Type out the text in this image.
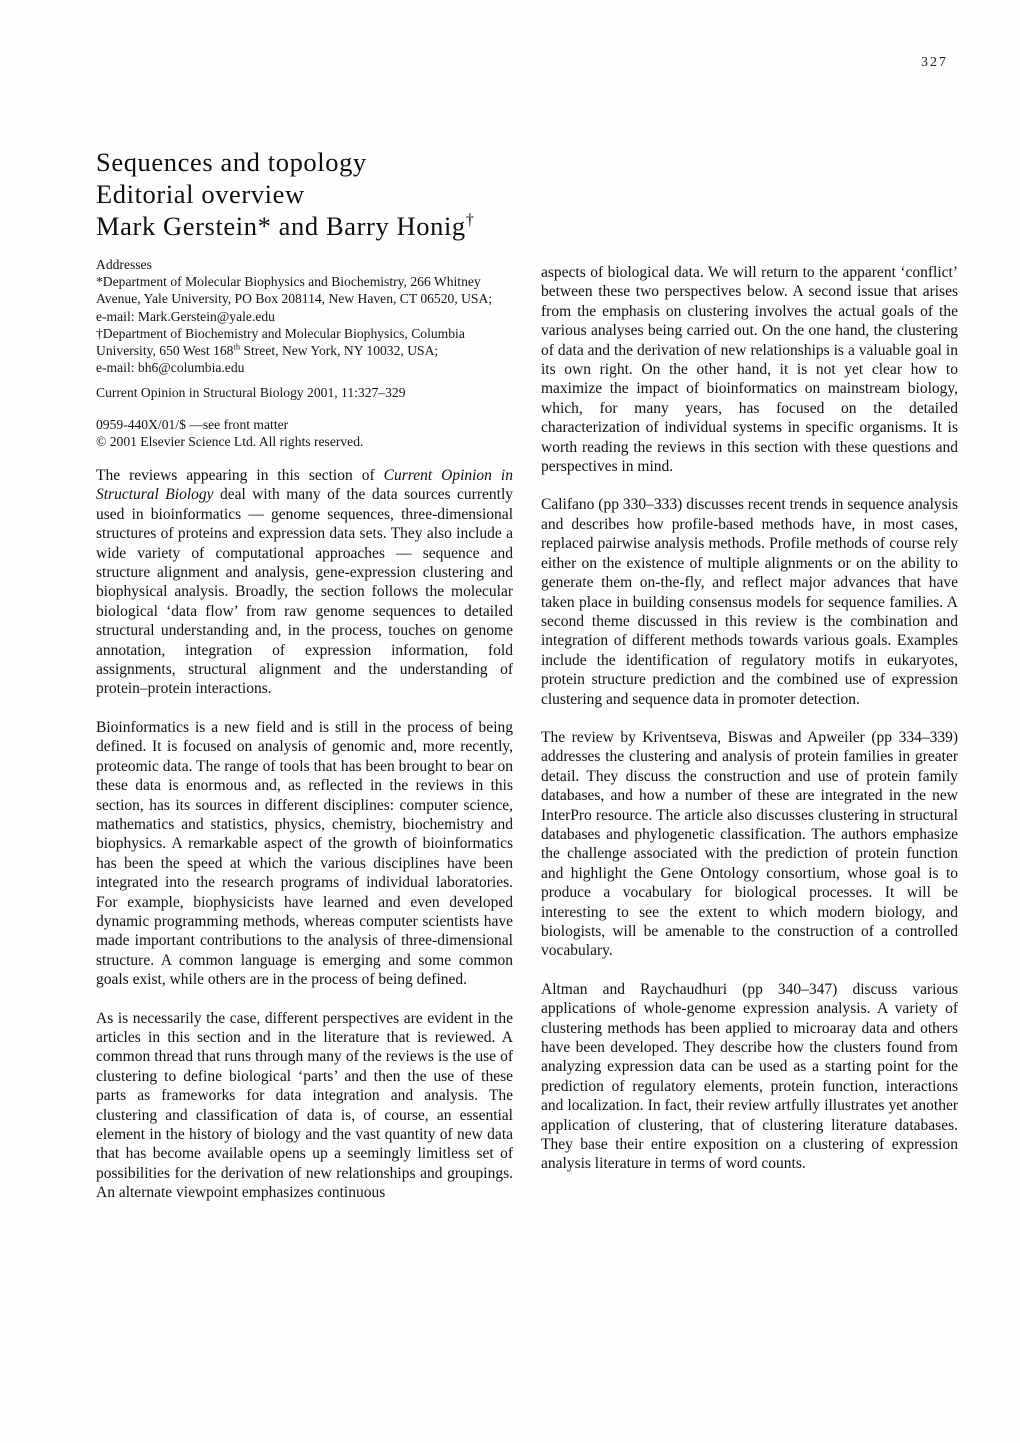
327
Sequences and topology
Editorial overview
Mark Gerstein* and Barry Honig†
Addresses
*Department of Molecular Biophysics and Biochemistry, 266 Whitney
Avenue, Yale University, PO Box 208114, New Haven, CT 06520, USA;
e-mail: Mark.Gerstein@yale.edu
†Department of Biochemistry and Molecular Biophysics, Columbia
University, 650 West 168th Street, New York, NY 10032, USA;
e-mail: bh6@columbia.edu
Current Opinion in Structural Biology 2001, 11:327–329
0959-440X/01/$ —see front matter
© 2001 Elsevier Science Ltd. All rights reserved.

The reviews appearing in this section of Current Opinion in Structural Biology deal with many of the data sources currently used in bioinformatics — genome sequences, three-dimensional structures of proteins and expression data sets. They also include a wide variety of computational approaches — sequence and structure alignment and analysis, gene-expression clustering and biophysical analysis. Broadly, the section follows the molecular biological ‘data flow’ from raw genome sequences to detailed structural understanding and, in the process, touches on genome annotation, integration of expression information, fold assignments, structural alignment and the understanding of protein–protein interactions.

Bioinformatics is a new field and is still in the process of being defined. It is focused on analysis of genomic and, more recently, proteomic data. The range of tools that has been brought to bear on these data is enormous and, as reflected in the reviews in this section, has its sources in different disciplines: computer science, mathematics and statistics, physics, chemistry, biochemistry and biophysics. A remarkable aspect of the growth of bioinformatics has been the speed at which the various disciplines have been integrated into the research programs of individual laboratories. For example, biophysicists have learned and even developed dynamic programming methods, whereas computer scientists have made important contributions to the analysis of three-dimensional structure. A common language is emerging and some common goals exist, while others are in the process of being defined.

As is necessarily the case, different perspectives are evident in the articles in this section and in the literature that is reviewed. A common thread that runs through many of the reviews is the use of clustering to define biological ‘parts’ and then the use of these parts as frameworks for data integration and analysis. The clustering and classification of data is, of course, an essential element in the history of biology and the vast quantity of new data that has become available opens up a seemingly limitless set of possibilities for the derivation of new relationships and groupings. An alternate viewpoint emphasizes continuous

aspects of biological data. We will return to the apparent ‘conflict’ between these two perspectives below. A second issue that arises from the emphasis on clustering involves the actual goals of the various analyses being carried out. On the one hand, the clustering of data and the derivation of new relationships is a valuable goal in its own right. On the other hand, it is not yet clear how to maximize the impact of bioinformatics on mainstream biology, which, for many years, has focused on the detailed characterization of individual systems in specific organisms. It is worth reading the reviews in this section with these questions and perspectives in mind.

Califano (pp 330–333) discusses recent trends in sequence analysis and describes how profile-based methods have, in most cases, replaced pairwise analysis methods. Profile methods of course rely either on the existence of multiple alignments or on the ability to generate them on-the-fly, and reflect major advances that have taken place in building consensus models for sequence families. A second theme discussed in this review is the combination and integration of different methods towards various goals. Examples include the identification of regulatory motifs in eukaryotes, protein structure prediction and the combined use of expression clustering and sequence data in promoter detection.

The review by Kriventseva, Biswas and Apweiler (pp 334–339) addresses the clustering and analysis of protein families in greater detail. They discuss the construction and use of protein family databases, and how a number of these are integrated in the new InterPro resource. The article also discusses clustering in structural databases and phylogenetic classification. The authors emphasize the challenge associated with the prediction of protein function and highlight the Gene Ontology consortium, whose goal is to produce a vocabulary for biological processes. It will be interesting to see the extent to which modern biology, and biologists, will be amenable to the construction of a controlled vocabulary.

Altman and Raychaudhuri (pp 340–347) discuss various applications of whole-genome expression analysis. A variety of clustering methods has been applied to microaray data and others have been developed. They describe how the clusters found from analyzing expression data can be used as a starting point for the prediction of regulatory elements, protein function, interactions and localization. In fact, their review artfully illustrates yet another application of clustering, that of clustering literature databases. They base their entire exposition on a clustering of expression analysis literature in terms of word counts.
